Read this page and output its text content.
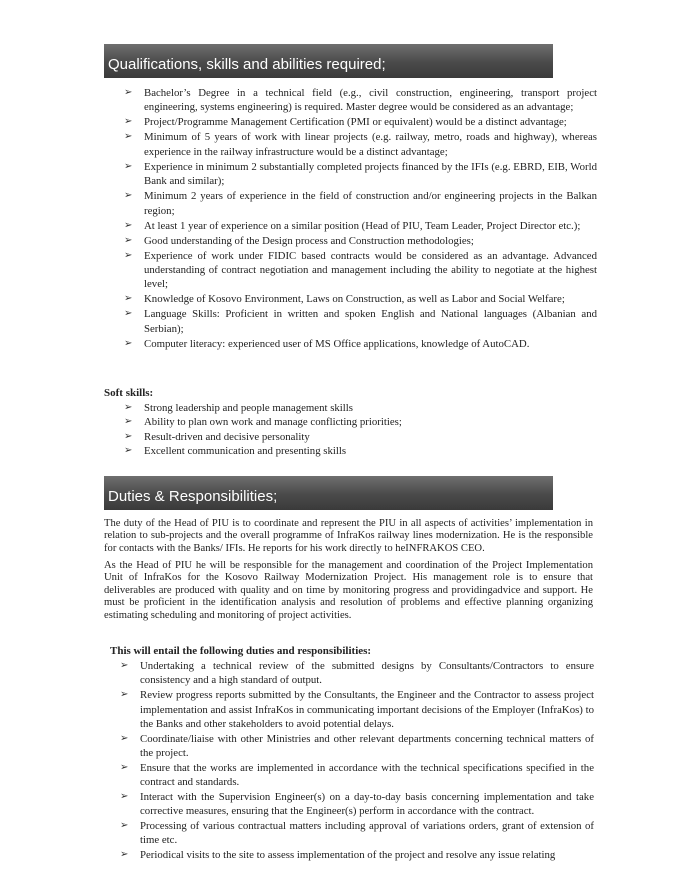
Qualifications, skills and abilities required;
➢ Bachelor’s Degree in a technical field (e.g., civil construction, engineering, transport project engineering, systems engineering) is required. Master degree would be considered as an advantage;
➢ Project/Programme Management Certification (PMI or equivalent) would be a distinct advantage;
➢ Minimum of 5 years of work with linear projects (e.g. railway, metro, roads and highway), whereas experience in the railway infrastructure would be a distinct advantage;
➢ Experience in minimum 2 substantially completed projects financed by the IFIs (e.g. EBRD, EIB, World Bank and similar);
➢ Minimum 2 years of experience in the field of construction and/or engineering projects in the Balkan region;
➢ At least 1 year of experience on a similar position (Head of PIU, Team Leader, Project Director etc.);
➢ Good understanding of the Design process and Construction methodologies;
➢ Experience of work under FIDIC based contracts would be considered as an advantage. Advanced understanding of contract negotiation and management including the ability to negotiate at the highest level;
➢ Knowledge of Kosovo Environment, Laws on Construction, as well as Labor and Social Welfare;
➢ Language Skills: Proficient in written and spoken English and National languages (Albanian and Serbian);
➢ Computer literacy: experienced user of MS Office applications, knowledge of AutoCAD.
Soft skills:
➢ Strong leadership and people management skills
➢ Ability to plan own work and manage conflicting priorities;
➢ Result-driven and decisive personality
➢ Excellent communication and presenting skills
Duties & Responsibilities;

The duty of the Head of PIU is to coordinate and represent the PIU in all aspects of activities’ implementation in relation to sub-projects and the overall programme of InfraKos railway lines modernization. He is the responsible for contacts with the Banks/ IFIs. He reports for his work directly to heINFRAKOS CEO.

As the Head of PIU he will be responsible for the management and coordination of the Project Implementation Unit of InfraKos for the Kosovo Railway Modernization Project. His management role is to ensure that deliverables are produced with quality and on time by monitoring progress and providingadvice and support. He must be proficient in the identification analysis and resolution of problems and effective planning organizing estimating scheduling and monitoring of project activities.

This will entail the following duties and responsibilities:
➢ Undertaking a technical review of the submitted designs by Consultants/Contractors to ensure consistency and a high standard of output.
➢ Review progress reports submitted by the Consultants, the Engineer and the Contractor to assess project implementation and assist InfraKos in communicating important decisions of the Employer (InfraKos) to the Banks and other stakeholders to avoid potential delays.
➢ Coordinate/liaise with other Ministries and other relevant departments concerning technical matters of the project.
➢ Ensure that the works are implemented in accordance with the technical specifications specified in the contract and standards.
➢ Interact with the Supervision Engineer(s) on a day-to-day basis concerning implementation and take corrective measures, ensuring that the Engineer(s) perform in accordance with the contract.
➢ Processing of various contractual matters including approval of variations orders, grant of extension of time etc.
➢ Periodical visits to the site to assess implementation of the project and resolve any issue relating
